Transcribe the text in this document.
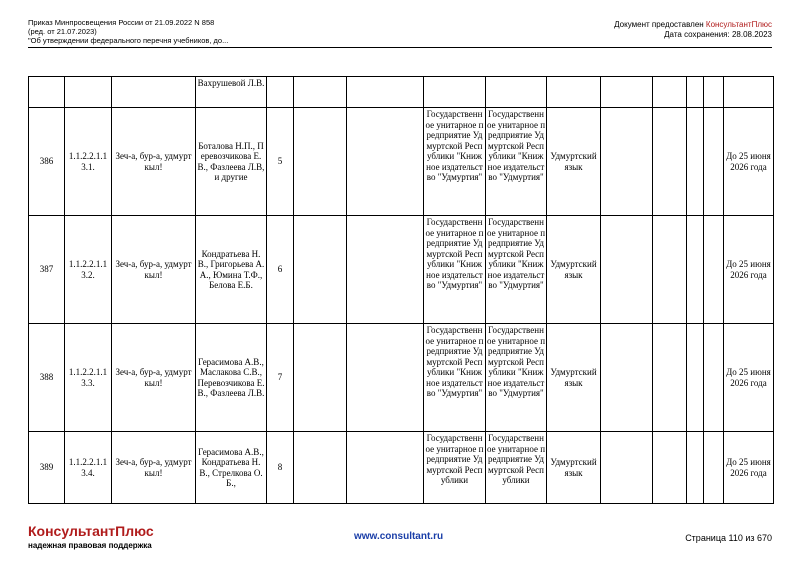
Приказ Минпросвещения России от 21.09.2022 N 858
(ред. от 21.07.2023)
"Об утверждении федерального перечня учебников, до...
Документ предоставлен КонсультантПлюс
Дата сохранения: 28.08.2023
			Вахрушевой Л.В.											
386	1.1.2.2.1.13.1.	Зеч-а, бур-а, удмурт кыл!	Боталова Н.П., Перевозчикова Е.В., Фазлеева Л.В, и другие	5			Государственное унитарное предприятие Удмуртской Республики "Книжное издательство "Удмуртия"	Государственное унитарное предприятие Удмуртской Республики "Книжное издательство "Удмуртия"	Удмуртский язык					До 25 июня 2026 года
387	1.1.2.2.1.13.2.	Зеч-а, бур-а, удмурт кыл!	Кондратьева Н.В., Григорьева А.А., Юмина Т.Ф., Белова Е.Б.	6			Государственное унитарное предприятие Удмуртской Республики "Книжное издательство "Удмуртия"	Государственное унитарное предприятие Удмуртской Республики "Книжное издательство "Удмуртия"	Удмуртский язык					До 25 июня 2026 года
388	1.1.2.2.1.13.3.	Зеч-а, бур-а, удмурт кыл!	Герасимова А.В., Маслакова С.В., Перевозчикова Е.В., Фазлеева Л.В.	7			Государственное унитарное предприятие Удмуртской Республики "Книжное издательство "Удмуртия"	Государственное унитарное предприятие Удмуртской Республики "Книжное издательство "Удмуртия"	Удмуртский язык					До 25 июня 2026 года
389	1.1.2.2.1.13.4.	Зеч-а, бур-а, удмурт кыл!	Герасимова А.В., Кондратьева Н.В., Стрелкова О.Б.,	8			Государственное унитарное предприятие Удмуртской Республики	Государственное унитарное предприятие Удмуртской Республики	Удмуртский язык					До 25 июня 2026 года
КонсультантПлюс
надежная правовая поддержка
www.consultant.ru	Страница 110 из 670
